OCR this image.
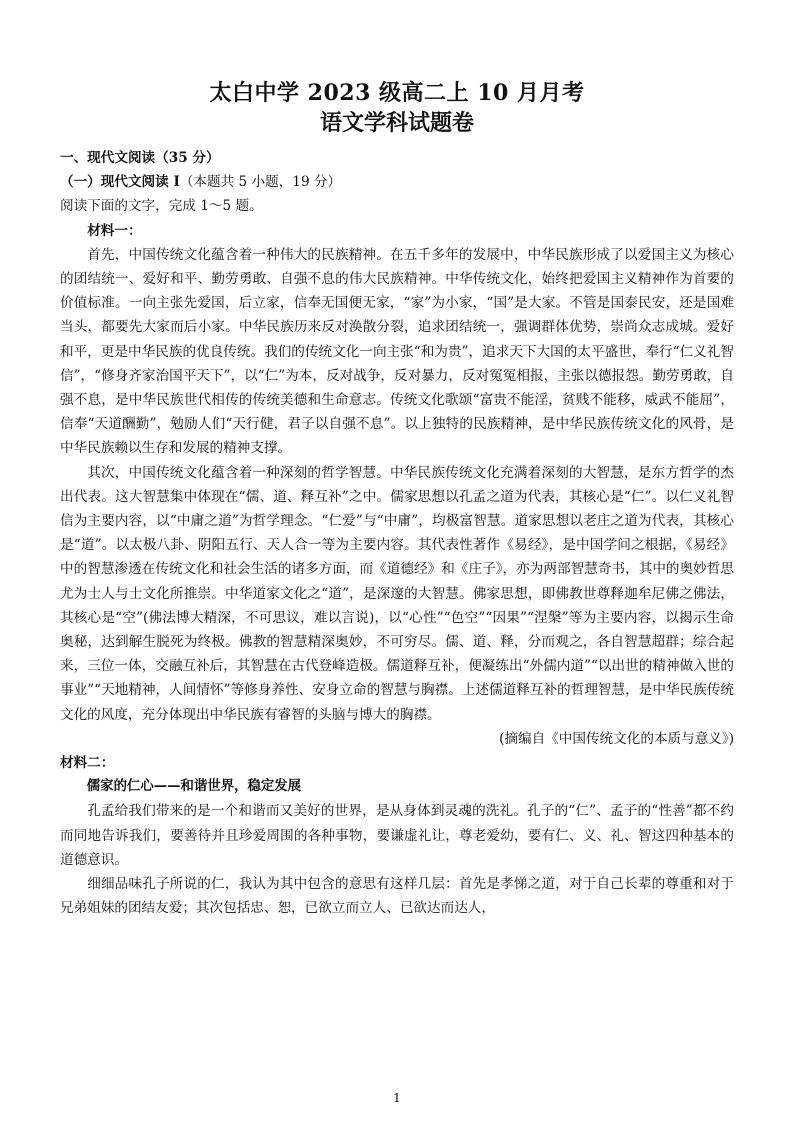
太白中学 2023 级高二上 10 月月考
语文学科试题卷

一、现代文阅读（35 分）

（一）现代文阅读 I（本题共 5 小题，19 分）

阅读下面的文字，完成 1～5 题。

材料一：

首先，中国传统文化蕴含着一种伟大的民族精神。在五千多年的发展中，中华民族形成了以爱国主义为核心的团结统一、爱好和平、勤劳勇敢、自强不息的伟大民族精神。中华传统文化，始终把爱国主义精神作为首要的价值标准。一向主张先爱国，后立家，信奉无国便无家，“家”为小家，“国”是大家。不管是国泰民安，还是国难当头，都要先大家而后小家。中华民族历来反对涣散分裂，追求团结统一，强调群体优势，崇尚众志成城。爱好和平，更是中华民族的优良传统。我们的传统文化一向主张“和为贵”，追求天下大国的太平盛世，奉行“仁义礼智信”，“修身齐家治国平天下”，以“仁”为本，反对战争，反对暴力，反对冤冤相报，主张以德报怨。勤劳勇敢，自强不息，是中华民族世代相传的传统美德和生命意志。传统文化歌颂“富贵不能淫，贫贱不能移，威武不能屈”，信奉“天道酬勤”，勉励人们“天行健，君子以自强不息”。以上独特的民族精神，是中华民族传统文化的风骨，是中华民族赖以生存和发展的精神支撑。

其次，中国传统文化蕴含着一种深刻的哲学智慧。中华民族传统文化充满着深刻的大智慧，是东方哲学的杰出代表。这大智慧集中体现在“儒、道、释互补”之中。儒家思想以孔孟之道为代表，其核心是“仁”。以仁义礼智信为主要内容，以“中庸之道”为哲学理念。“仁爱”与“中庸”，均极富智慧。道家思想以老庄之道为代表，其核心是“道”。以太极八卦、阴阳五行、天人合一等为主要内容。其代表性著作《易经》，是中国学问之根据，《易经》中的智慧渗透在传统文化和社会生活的诸多方面，而《道德经》和《庄子》，亦为两部智慧奇书，其中的奥妙哲思尤为士人与士文化所推崇。中华道家文化之“道”，是深邃的大智慧。佛家思想，即佛教世尊释迦牟尼佛之佛法，其核心是“空”(佛法博大精深，不可思议，难以言说)，以“心性”“色空”“因果”“涅槃”等为主要内容，以揭示生命奥秘，达到解生脱死为终极。佛教的智慧精深奥妙，不可穷尽。儒、道、释，分而观之，各自智慧超群；综合起来，三位一体，交融互补后，其智慧在古代登峰造极。儒道释互补，便凝练出“外儒内道”“以出世的精神做入世的事业”“天地精神，人间情怀”等修身养性、安身立命的智慧与胸襟。上述儒道释互补的哲理智慧，是中华民族传统文化的风度，充分体现出中华民族有睿智的头脑与博大的胸襟。

(摘编自《中国传统文化的本质与意义》)

材料二：

儒家的仁心——和谐世界，稳定发展

孔孟给我们带来的是一个和谐而又美好的世界，是从身体到灵魂的洗礼。孔子的“仁”、孟子的“性善”都不约而同地告诉我们，要善待并且珍爱周围的各种事物，要谦虚礼让，尊老爱幼，要有仁、义、礼、智这四种基本的道德意识。

细细品味孔子所说的仁，我认为其中包含的意思有这样几层：首先是孝悌之道，对于自己长辈的尊重和对于兄弟姐妹的团结友爱；其次包括忠、恕，已欲立而立人、已欲达而达人，

1
